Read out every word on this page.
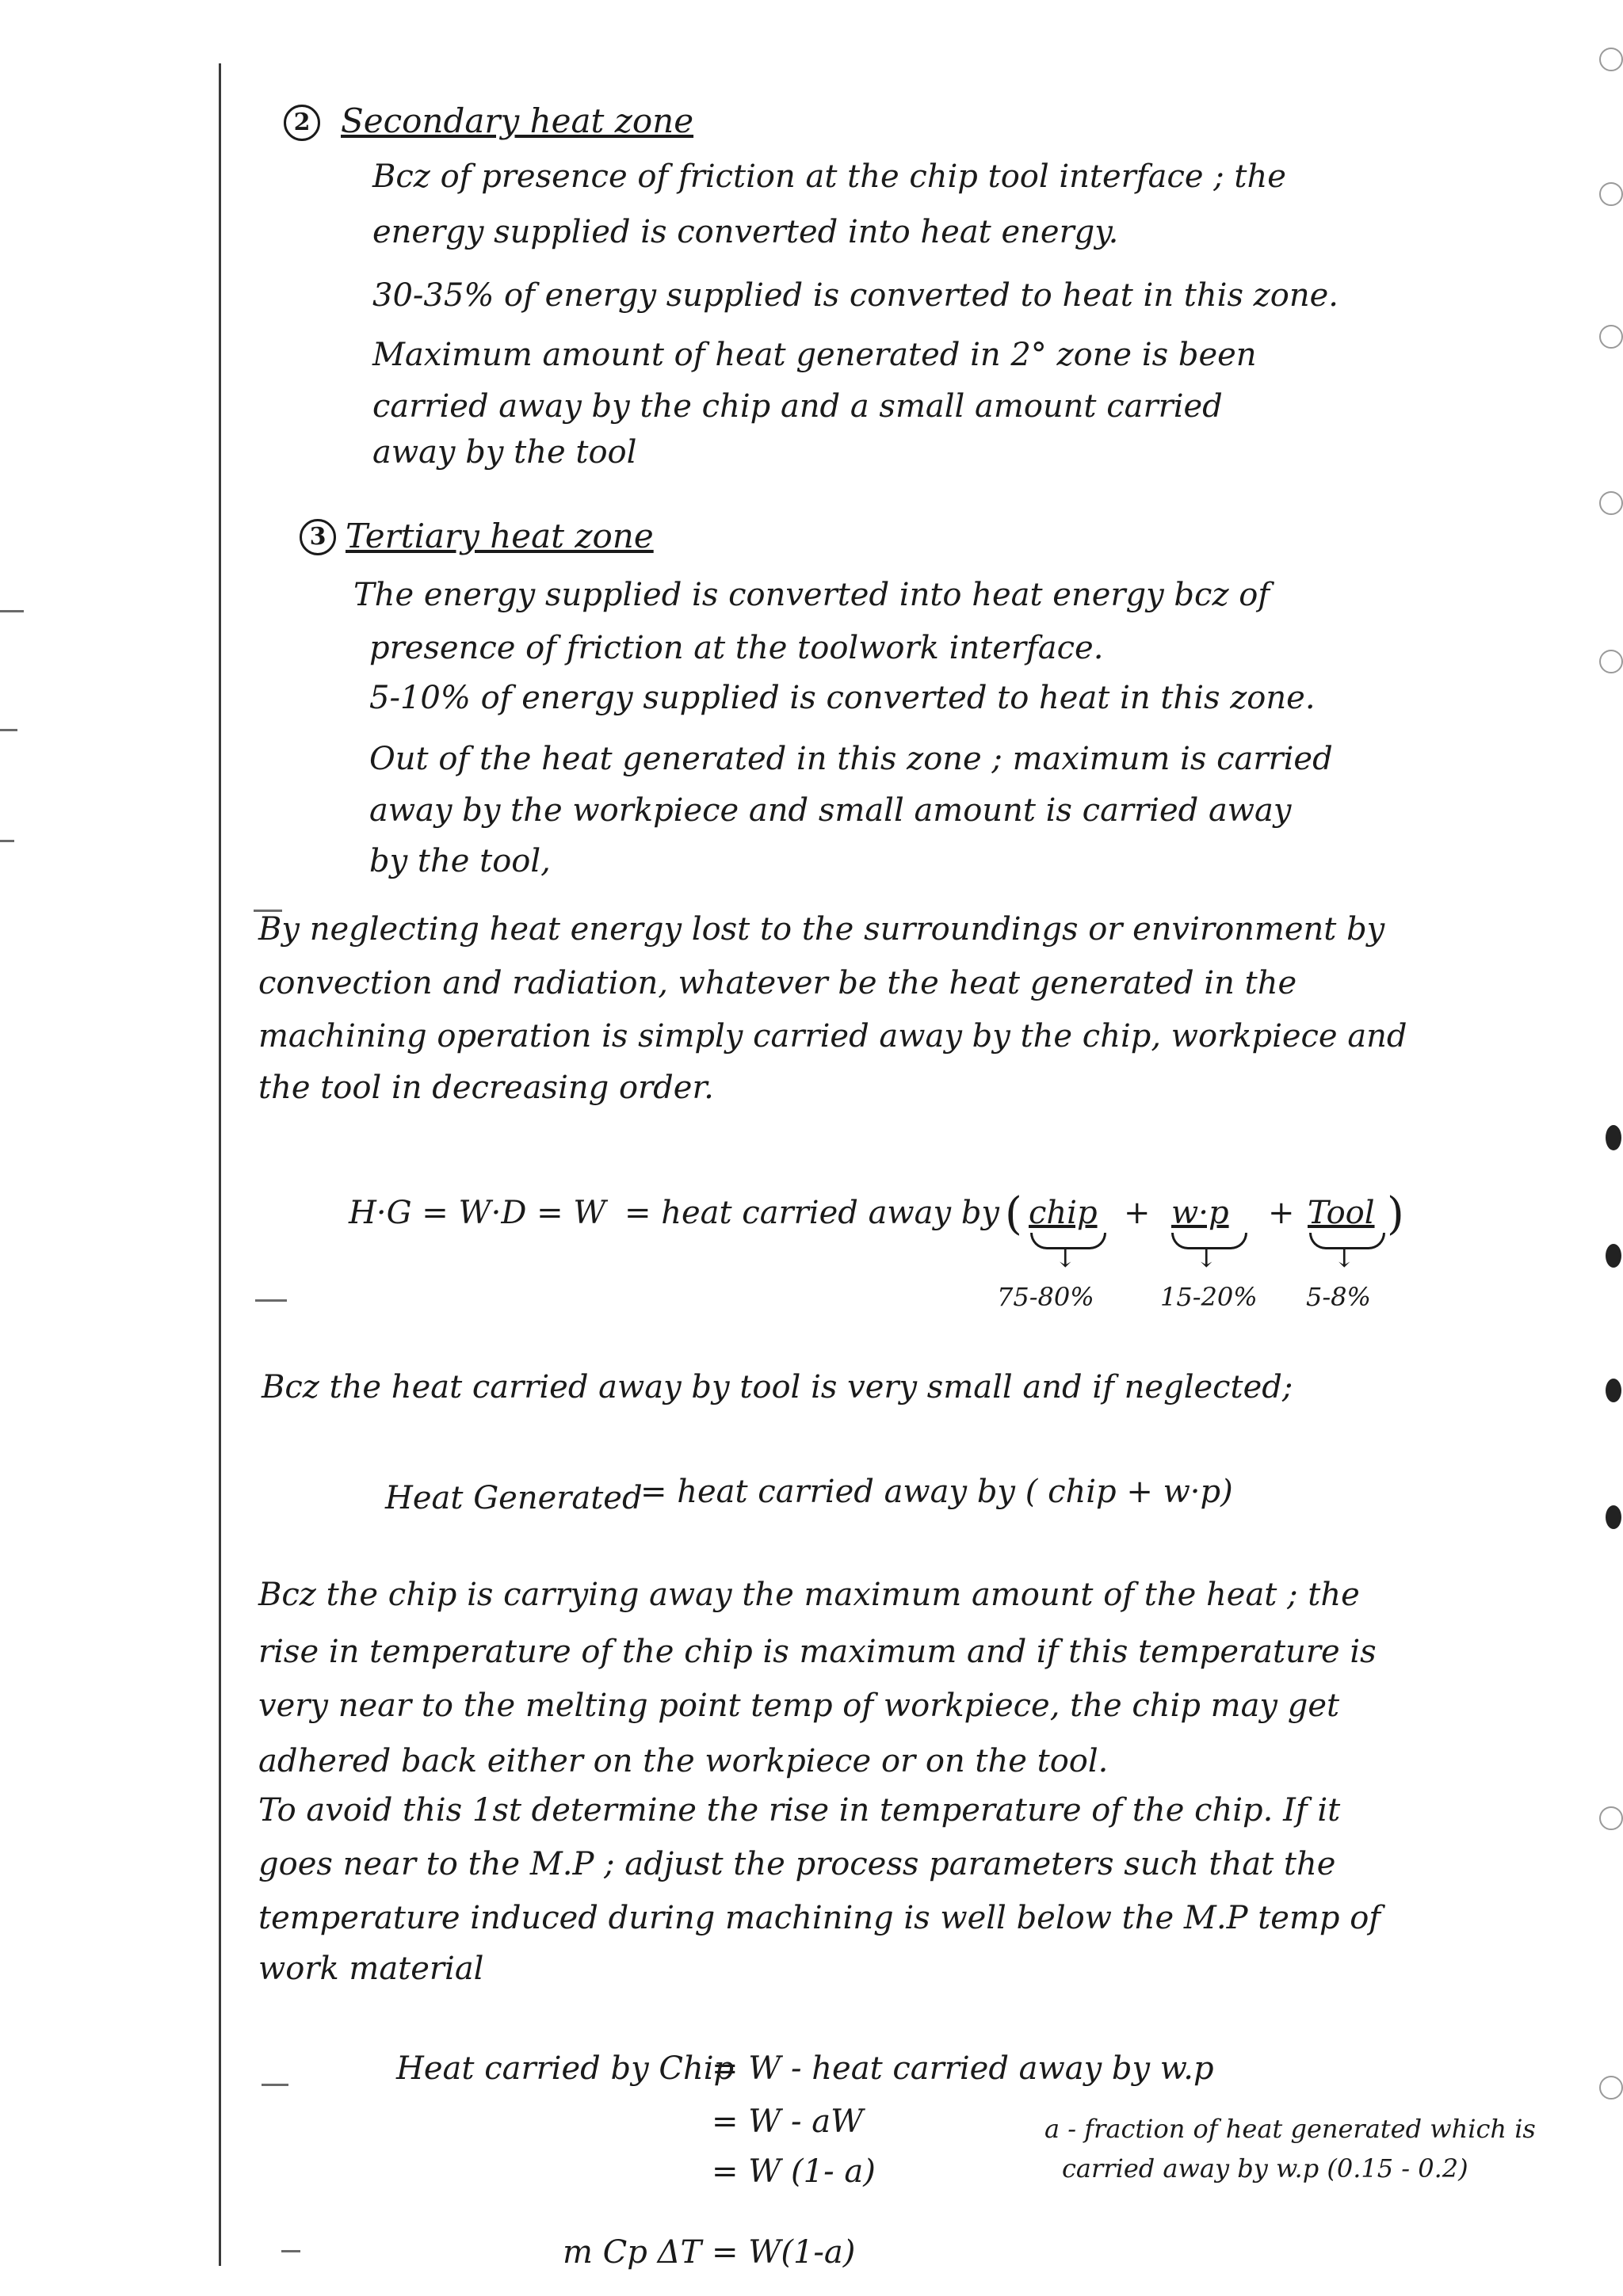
2 Secondary heat zone
Bcz of presence of friction at the chip tool interface ; the
energy supplied is converted into heat energy.
30-35% of energy supplied is converted to heat in this zone.
Maximum amount of heat generated in 2° zone is been
carried away by the chip and a small amount carried
away by the tool
3 Tertiary heat zone
The energy supplied is converted into heat energy bcz of
presence of friction at the toolwork interface.
5-10% of energy supplied is converted to heat in this zone.
Out of the heat generated in this zone ; maximum is carried
away by the workpiece and small amount is carried away
by the tool,
By neglecting heat energy lost to the surroundings or environment by
convection and radiation, whatever be the heat generated in the
machining operation is simply carried away by the chip, workpiece and
the tool in decreasing order.
H·G = W·D = W = heat carried away by ( chip + w·p + Tool )
↓	↓	↓
75-80%	15-20% 5-8%
Bcz the heat carried away by tool is very small and if neglected;
Heat Generated
= heat carried away by ( chip + w·p)
Bcz the chip is carrying away the maximum amount of the heat ; the
rise in temperature of the chip is maximum and if this temperature is
very near to the melting point temp of workpiece, the chip may get
adhered back either on the workpiece or on the tool.
To avoid this 1st determine the rise in temperature of the chip. If it
goes near to the M.P ; adjust the process parameters such that the
temperature induced during machining is well below the M.P temp of
work material
Heat carried by Chip
= W - heat carried away by w.p
= W - aW
= W (1- a)
a - fraction of heat generated which is
carried away by w.p (0.15 - 0.2)
m Cp ΔT = W(1-a)
